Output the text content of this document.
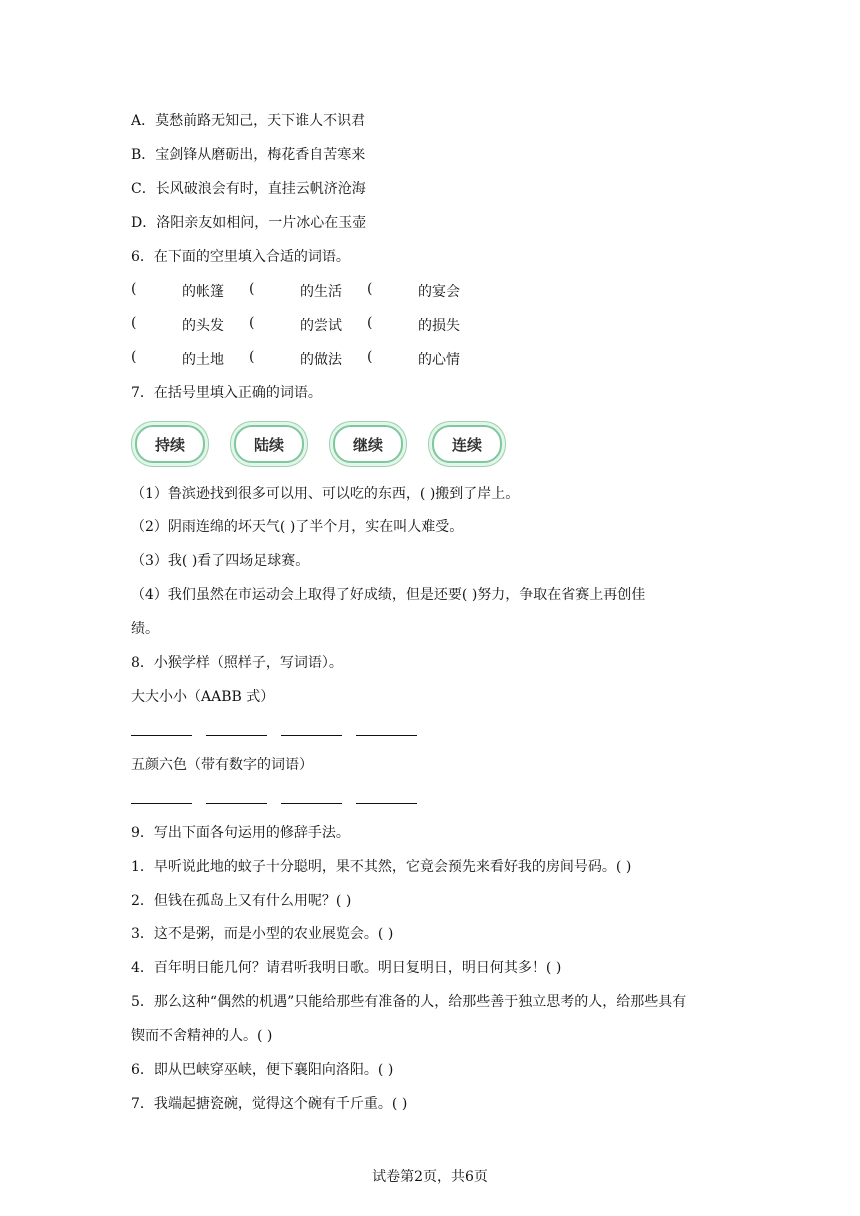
A．莫愁前路无知己，天下谁人不识君
B．宝剑锋从磨砺出，梅花香自苦寒来
C．长风破浪会有时，直挂云帆济沧海
D．洛阳亲友如相问，一片冰心在玉壶
6．在下面的空里填入合适的词语。
(	的帐篷 (	的生活 (	的宴会
(	的头发 (	的尝试 (	的损失
(	的土地 (	的做法 (	的心情
7．在括号里填入正确的词语。
持续	陆续	继续	连续
（1）鲁滨逊找到很多可以用、可以吃的东西，( )搬到了岸上。
（2）阴雨连绵的坏天气( )了半个月，实在叫人难受。
（3）我( )看了四场足球赛。
（4）我们虽然在市运动会上取得了好成绩，但是还要( )努力，争取在省赛上再创佳
绩。
8．小猴学样（照样子，写词语）。
大大小小（AABB 式）
五颜六色（带有数字的词语）
9．写出下面各句运用的修辞手法。
1．早听说此地的蚊子十分聪明，果不其然，它竟会预先来看好我的房间号码。( )
2．但钱在孤岛上又有什么用呢？( )
3．这不是粥，而是小型的农业展览会。( )
4．百年明日能几何？请君听我明日歌。明日复明日，明日何其多！( )
5．那么这种“偶然的机遇”只能给那些有准备的人，给那些善于独立思考的人，给那些具有
锲而不舍精神的人。( )
6．即从巴峡穿巫峡，便下襄阳向洛阳。( )
7．我端起搪瓷碗，觉得这个碗有千斤重。( )
试卷第2页，共6页
